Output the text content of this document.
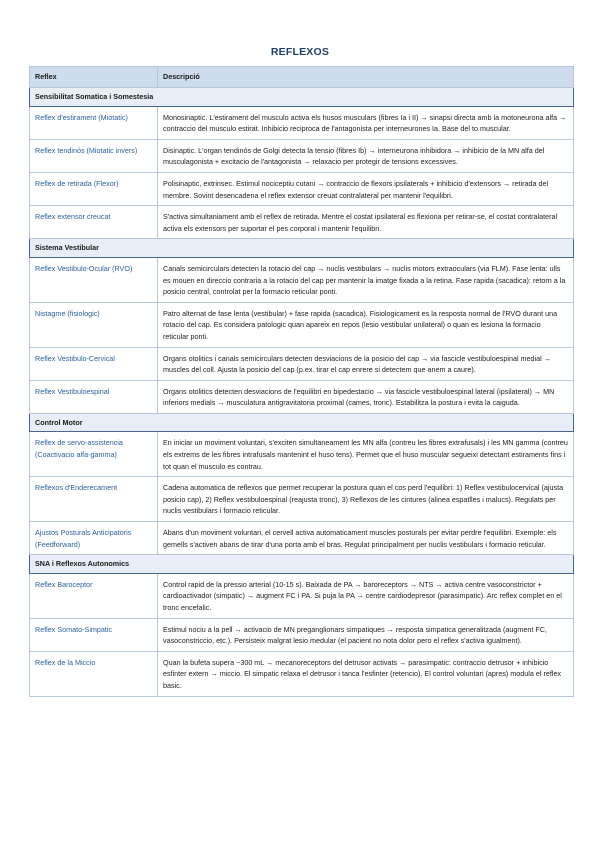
REFLEXOS
Reflex	Descripció
Sensibilitat Somatica i Somestesia	
Reflex d'estirament (Miotatic)	Monosinaptic. L'estirament del musculo activa els husos musculars (fibres Ia i II) → sinapsi directa amb la motoneurona alfa → contraccio del musculo estirat. Inhibicio reciproca de l'antagonista per interneurones Ia. Base del to muscular.
Reflex tendinós (Miotatic invers)	Disinaptic. L'organ tendinós de Golgi detecta la tensio (fibres Ib) → interneurona inhibidora → inhibicio de la MN alfa del musculagonista + excitacio de l'antagonista → relaxacio per protegir de tensions excessives.
Reflex de retirada (Flexor)	Polisinaptic, extrinsec. Estimul nociceptiu cutani → contraccio de flexors ipsilaterals + inhibicio d'extensors → retirada del membre. Sovint desencadena el reflex extensor creuat contralateral per mantenir l'equilibri.
Reflex extensor creucat	S'activa simultaniament amb el reflex de retirada. Mentre el costat ipsilateral es flexiona per retirar-se, el costat contralateral activa els extensors per suportar el pes corporal i mantenir l'equilibri.
Sistema Vestibular	
Reflex Vestibulo-Ocular (RVO)	Canals semicirculars detecten la rotacio del cap → nuclis vestibulars → nuclis motors extraoculars (via FLM). Fase lenta: ulls es mouen en direccio contraria a la rotacio del cap per mantenir la imatge fixada a la retina. Fase rapida (sacadica): retorn a la posicio central, controlat per la formacio reticular ponti.
Nistagme (fisiologic)	Patro alternat de fase lenta (vestibular) + fase rapida (sacadica). Fisiologicament es la resposta normal de l'RVO durant una rotacio del cap. Es considera patologic quan apareix en repos (lesio vestibular unilateral) o quan es lesiona la formacio reticular ponti.
Reflex Vestibulo-Cervical	Organs otolitics i canals semicirculars detecten desviacions de la posicio del cap → via fascicle vestibuloespinal medial → muscles del coll. Ajusta la posicio del cap (p.ex. tirar el cap enrere si detectem que anem a caure).
Reflex Vestibuloespinal	Organs otolitics detecten desviacions de l'equilibri en bipedestacio → via fascicle vestibuloespinal lateral (ipsilateral) → MN inferiors medials → musculatura antigravitatoria proximal (cames, tronc). Estabilitza la postura i evita la caiguda.
Control Motor	
Reflex de servo-assistencia (Coactivacio alfa-gamma)	En iniciar un moviment voluntari, s'exciten simultaneament les MN alfa (contreu les fibres extrafusals) i les MN gamma (contreu els extrems de les fibres intrafusals mantenint el huso tens). Permet que el huso muscular segueixi detectant estiraments fins i tot quan el musculo es contrau.
Reflexos d'Enderecament	Cadena automatica de reflexos que permet recuperar la postura quan el cos perd l'equilibri: 1) Reflex vestibulocervical (ajusta posicio cap), 2) Reflex vestibuloespinal (reajusta tronc), 3) Reflexos de les cintures (alinea espatlles i malucs). Regulats per nuclis vestibulars i formacio reticular.
Ajustos Posturals Anticipatoris (Feedforward)	Abans d'un moviment voluntari, el cervell activa automaticament muscles posturals per evitar perdre l'equilibri. Exemple: els gemells s'activen abans de tirar d'una porta amb el bras. Regulat principalment per nuclis vestibulars i formacio reticular.
SNA i Reflexos Autonomics	
Reflex Baroceptor	Control rapid de la pressio arterial (10-15 s). Baixada de PA → baroreceptors → NTS → activa centre vasoconstrictor + cardioactivador (simpatic) → augment FC i PA. Si puja la PA → centre cardiodepresor (parasimpatic). Arc reflex complet en el tronc encefalic.
Reflex Somato-Simpatic	Estimul nociu a la pell → activacio de MN preganglionars simpatiques → resposta simpatica generalitzada (augment FC, vasoconstriccio, etc.). Persisteix malgrat lesio medular (el pacient no nota dolor pero el reflex s'activa igualment).
Reflex de la Miccio	Quan la bufeta supera ~300 mL → mecanoreceptors del detrusor activats → parasimpatic: contraccio detrusor + inhibicio esfinter extern → miccio. El simpatic relaxa el detrusor i tanca l'esfinter (retencio). El control voluntari (apres) modula el reflex basic.
